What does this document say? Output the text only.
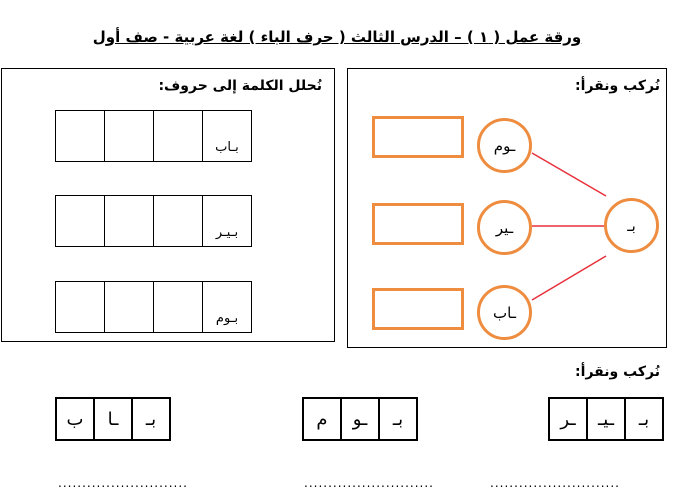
ورقة عمل ( ١ ) – الدرس الثالث ( حرف الباء ) لغة عربية - صف أول
نُحلل الكلمة إلى حروف:
بـاب
بـيـر
بـوم
نُركب ونقرأ:
ـوم
ـير
ـاب
بـ
نُركب ونقرأ:
ـر ـيـ بـ
م ـو بـ
ب ـا بـ
...........................	...........................	...........................
